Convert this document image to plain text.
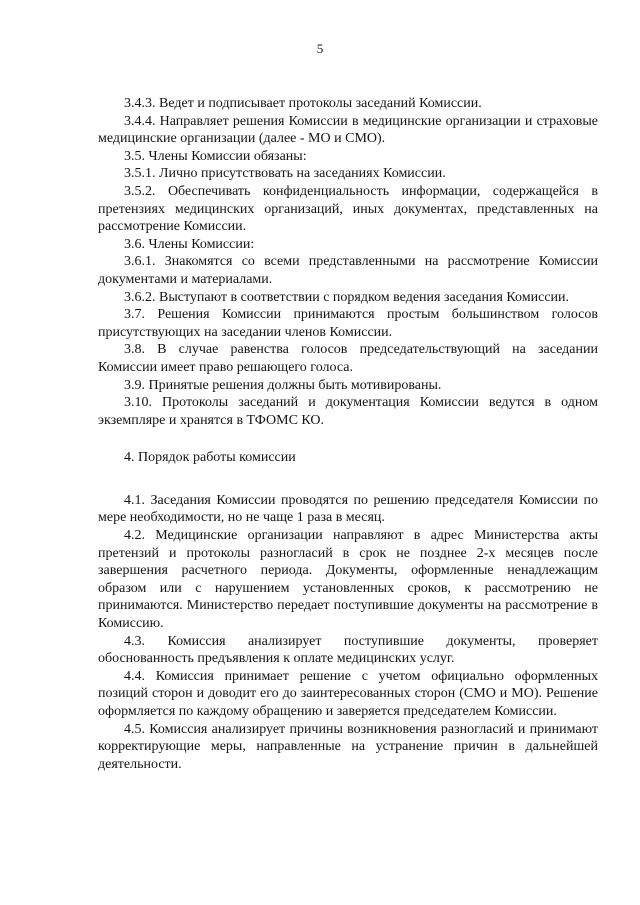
5

3.4.3. Ведет и подписывает протоколы заседаний Комиссии.

3.4.4. Направляет решения Комиссии в медицинские организации и страховые медицинские организации (далее - МО и СМО).

3.5. Члены Комиссии обязаны:

3.5.1. Лично присутствовать на заседаниях Комиссии.

3.5.2. Обеспечивать конфиденциальность информации, содержащейся в претензиях медицинских организаций, иных документах, представленных на рассмотрение Комиссии.

3.6. Члены Комиссии:

3.6.1. Знакомятся со всеми представленными на рассмотрение Комиссии документами и материалами.

3.6.2. Выступают в соответствии с порядком ведения заседания Комиссии.

3.7. Решения Комиссии принимаются простым большинством голосов присутствующих на заседании членов Комиссии.

3.8. В случае равенства голосов председательствующий на заседании Комиссии имеет право решающего голоса.

3.9. Принятые решения должны быть мотивированы.

3.10. Протоколы заседаний и документация Комиссии ведутся в одном экземпляре и хранятся в ТФОМС КО.

4. Порядок работы комиссии

4.1. Заседания Комиссии проводятся по решению председателя Комиссии по мере необходимости, но не чаще 1 раза в месяц.

4.2. Медицинские организации направляют в адрес Министерства акты претензий и протоколы разногласий в срок не позднее 2-х месяцев после завершения расчетного периода. Документы, оформленные ненадлежащим образом или с нарушением установленных сроков, к рассмотрению не принимаются. Министерство передает поступившие документы на рассмотрение в Комиссию.

4.3. Комиссия анализирует поступившие документы, проверяет обоснованность предъявления к оплате медицинских услуг.

4.4. Комиссия принимает решение с учетом официально оформленных позиций сторон и доводит его до заинтересованных сторон (СМО и МО). Решение оформляется по каждому обращению и заверяется председателем Комиссии.

4.5. Комиссия анализирует причины возникновения разногласий и принимают корректирующие меры, направленные на устранение причин в дальнейшей деятельности.
